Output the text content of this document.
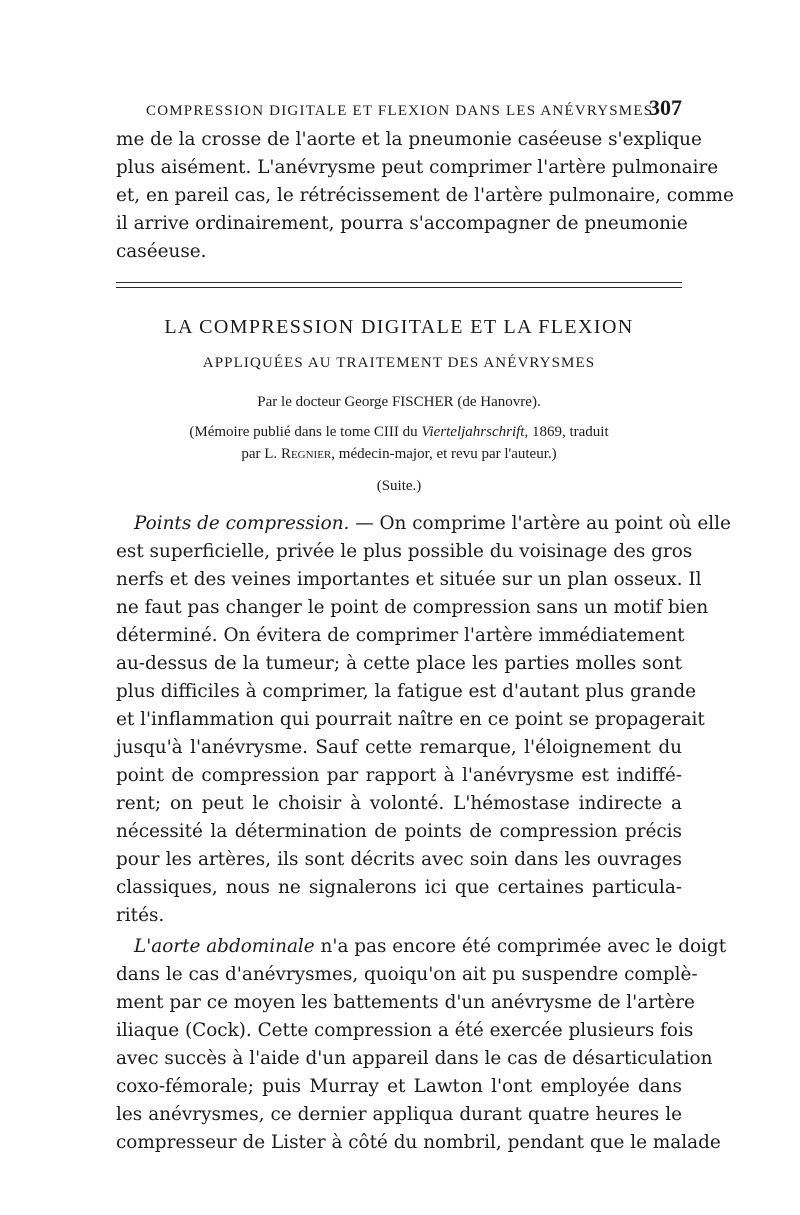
COMPRESSION DIGITALE ET FLEXION DANS LES ANÉVRYSMES.
307
me de la crosse de l'aorte et la pneumonie caséeuse s'explique
plus aisément. L'anévrysme peut comprimer l'artère pulmonaire
et, en pareil cas, le rétrécissement de l'artère pulmonaire, comme
il arrive ordinairement, pourra s'accompagner de pneumonie
caséeuse.
LA COMPRESSION DIGITALE ET LA FLEXION
APPLIQUÉES AU TRAITEMENT DES ANÉVRYSMES
Par le docteur George FISCHER (de Hanovre).
(Mémoire publié dans le tome CIII du Vierteljahrschrift, 1869, traduit
par L. Regnier, médecin-major, et revu par l'auteur.)
(Suite.)
Points de compression. — On comprime l'artère au point où elle
est superficielle, privée le plus possible du voisinage des gros
nerfs et des veines importantes et située sur un plan osseux. Il
ne faut pas changer le point de compression sans un motif bien
déterminé. On évitera de comprimer l'artère immédiatement
au-dessus de la tumeur; à cette place les parties molles sont
plus difficiles à comprimer, la fatigue est d'autant plus grande
et l'inflammation qui pourrait naître en ce point se propagerait
jusqu'à l'anévrysme. Sauf cette remarque, l'éloignement du
point de compression par rapport à l'anévrysme est indiffé-
rent; on peut le choisir à volonté. L'hémostase indirecte a
nécessité la détermination de points de compression précis
pour les artères, ils sont décrits avec soin dans les ouvrages
classiques, nous ne signalerons ici que certaines particula-
rités.
L'aorte abdominale n'a pas encore été comprimée avec le doigt
dans le cas d'anévrysmes, quoiqu'on ait pu suspendre complè-
ment par ce moyen les battements d'un anévrysme de l'artère
iliaque (Cock). Cette compression a été exercée plusieurs fois
avec succès à l'aide d'un appareil dans le cas de désarticulation
coxo-fémorale; puis Murray et Lawton l'ont employée dans
les anévrysmes, ce dernier appliqua durant quatre heures le
compresseur de Lister à côté du nombril, pendant que le malade
